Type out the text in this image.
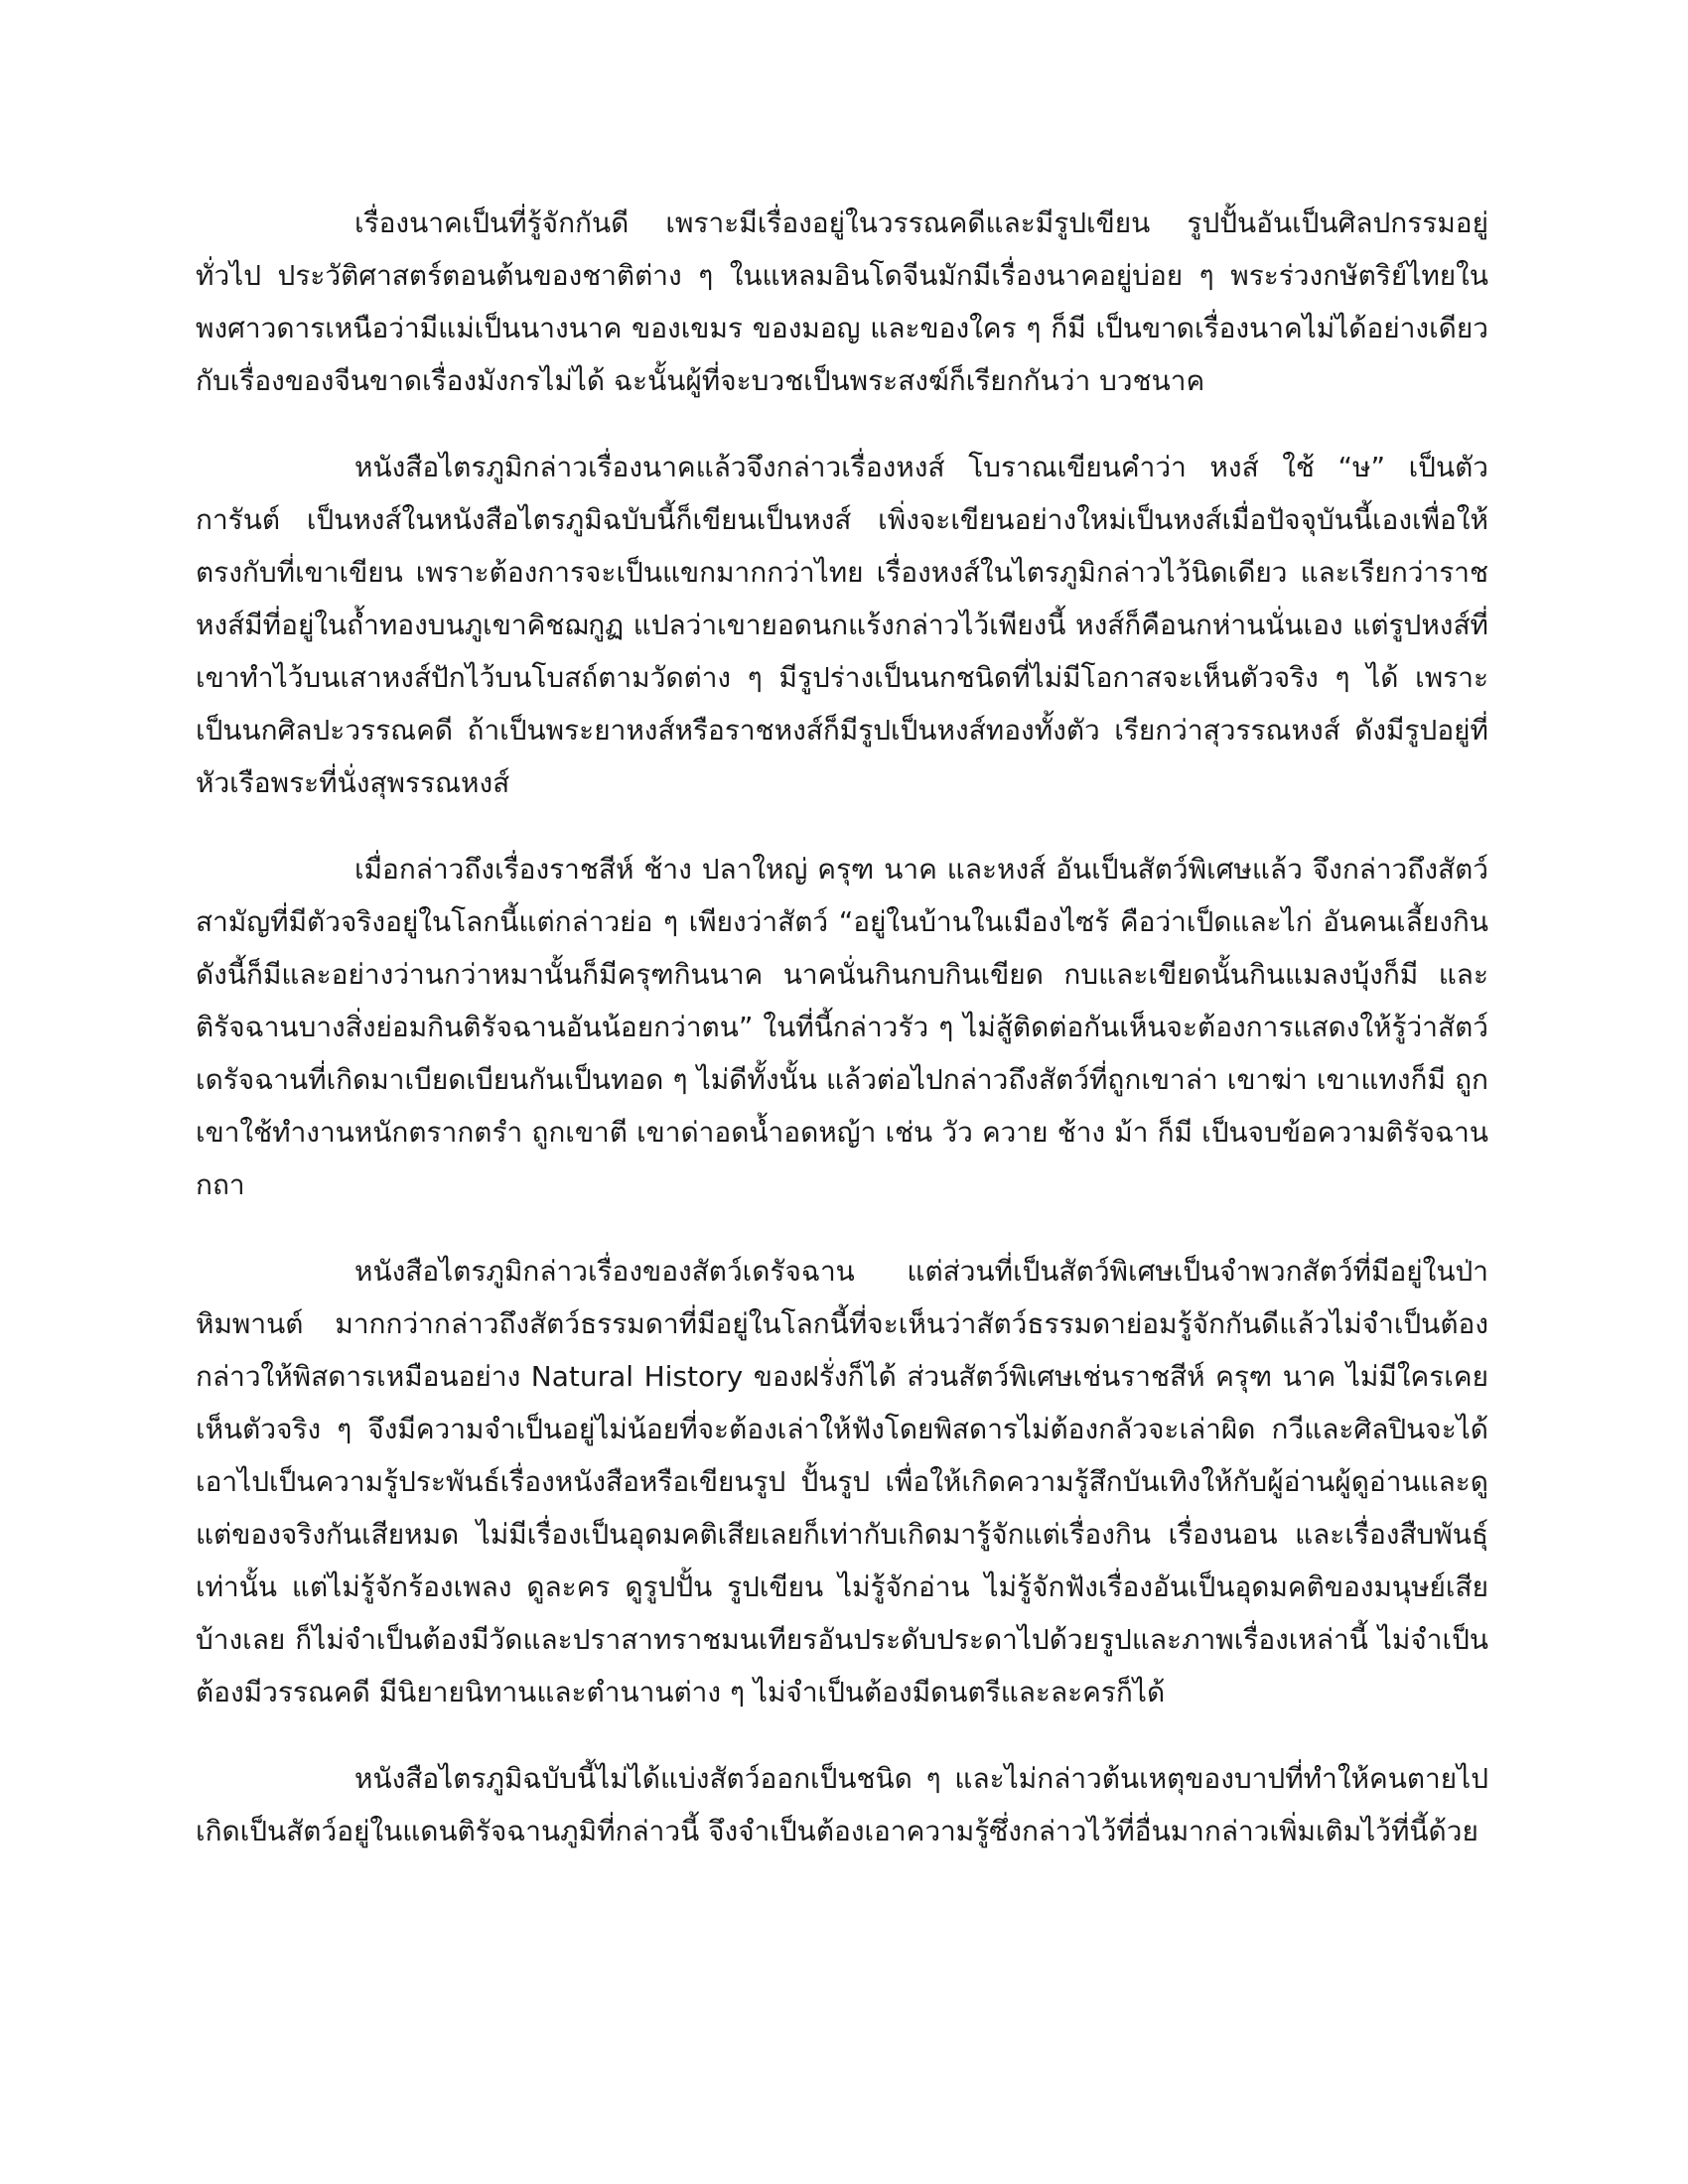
เรื่องนาคเป็นที่รู้จักกันดี เพราะมีเรื่องอยู่ในวรรณคดีและมีรูปเขียน รูปปั้นอันเป็นศิลปกรรมอยู่ทั่วไป ประวัติศาสตร์ตอนต้นของชาติต่าง ๆ ในแหลมอินโดจีนมักมีเรื่องนาคอยู่บ่อย ๆ พระร่วงกษัตริย์ไทยในพงศาวดารเหนือว่ามีแม่เป็นนางนาค ของเขมร ของมอญ และของใคร ๆ ก็มี เป็นขาดเรื่องนาคไม่ได้อย่างเดียวกับเรื่องของจีนขาดเรื่องมังกรไม่ได้ ฉะนั้นผู้ที่จะบวชเป็นพระสงฆ์ก็เรียกกันว่า บวชนาค

หนังสือไตรภูมิกล่าวเรื่องนาคแล้วจึงกล่าวเรื่องหงส์ โบราณเขียนคำว่า หงส์ ใช้ “ษ” เป็นตัวการันต์ เป็นหงส์ในหนังสือไตรภูมิฉบับนี้ก็เขียนเป็นหงส์ เพิ่งจะเขียนอย่างใหม่เป็นหงส์เมื่อปัจจุบันนี้เองเพื่อให้ตรงกับที่เขาเขียน เพราะต้องการจะเป็นแขกมากกว่าไทย เรื่องหงส์ในไตรภูมิกล่าวไว้นิดเดียว และเรียกว่าราชหงส์มีที่อยู่ในถ้ำทองบนภูเขาคิชฌกูฏ แปลว่าเขายอดนกแร้งกล่าวไว้เพียงนี้ หงส์ก็คือนกห่านนั่นเอง แต่รูปหงส์ที่เขาทำไว้บนเสาหงส์ปักไว้บนโบสถ์ตามวัดต่าง ๆ มีรูปร่างเป็นนกชนิดที่ไม่มีโอกาสจะเห็นตัวจริง ๆ ได้ เพราะเป็นนกศิลปะวรรณคดี ถ้าเป็นพระยาหงส์หรือราชหงส์ก็มีรูปเป็นหงส์ทองทั้งตัว เรียกว่าสุวรรณหงส์ ดังมีรูปอยู่ที่หัวเรือพระที่นั่งสุพรรณหงส์

เมื่อกล่าวถึงเรื่องราชสีห์ ช้าง ปลาใหญ่ ครุฑ นาค และหงส์ อันเป็นสัตว์พิเศษแล้ว จึงกล่าวถึงสัตว์สามัญที่มีตัวจริงอยู่ในโลกนี้แต่กล่าวย่อ ๆ เพียงว่าสัตว์ “อยู่ในบ้านในเมืองไซร้ คือว่าเป็ดและไก่ อันคนเลี้ยงกินดังนี้ก็มีและอย่างว่านกว่าหมานั้นก็มีครุฑกินนาค นาคนั่นกินกบกินเขียด กบและเขียดนั้นกินแมลงบุ้งก็มี และติรัจฉานบางสิ่งย่อมกินติรัจฉานอันน้อยกว่าตน” ในที่นี้กล่าวรัว ๆ ไม่สู้ติดต่อกันเห็นจะต้องการแสดงให้รู้ว่าสัตว์เดรัจฉานที่เกิดมาเบียดเบียนกันเป็นทอด ๆ ไม่ดีทั้งนั้น แล้วต่อไปกล่าวถึงสัตว์ที่ถูกเขาล่า เขาฆ่า เขาแทงก็มี ถูกเขาใช้ทำงานหนักตรากตรำ ถูกเขาตี เขาด่าอดน้ำอดหญ้า เช่น วัว ควาย ช้าง ม้า ก็มี เป็นจบข้อความติรัจฉานกถา

หนังสือไตรภูมิกล่าวเรื่องของสัตว์เดรัจฉาน แต่ส่วนที่เป็นสัตว์พิเศษเป็นจำพวกสัตว์ที่มีอยู่ในป่าหิมพานต์ มากกว่ากล่าวถึงสัตว์ธรรมดาที่มีอยู่ในโลกนี้ที่จะเห็นว่าสัตว์ธรรมดาย่อมรู้จักกันดีแล้วไม่จำเป็นต้องกล่าวให้พิสดารเหมือนอย่าง Natural History ของฝรั่งก็ได้ ส่วนสัตว์พิเศษเช่นราชสีห์ ครุฑ นาค ไม่มีใครเคยเห็นตัวจริง ๆ จึงมีความจำเป็นอยู่ไม่น้อยที่จะต้องเล่าให้ฟังโดยพิสดารไม่ต้องกลัวจะเล่าผิด กวีและศิลปินจะได้เอาไปเป็นความรู้ประพันธ์เรื่องหนังสือหรือเขียนรูป ปั้นรูป เพื่อให้เกิดความรู้สึกบันเทิงให้กับผู้อ่านผู้ดูอ่านและดูแต่ของจริงกันเสียหมด ไม่มีเรื่องเป็นอุดมคติเสียเลยก็เท่ากับเกิดมารู้จักแต่เรื่องกิน เรื่องนอน และเรื่องสืบพันธุ์เท่านั้น แต่ไม่รู้จักร้องเพลง ดูละคร ดูรูปปั้น รูปเขียน ไม่รู้จักอ่าน ไม่รู้จักฟังเรื่องอันเป็นอุดมคติของมนุษย์เสียบ้างเลย ก็ไม่จำเป็นต้องมีวัดและปราสาทราชมนเทียรอันประดับประดาไปด้วยรูปและภาพเรื่องเหล่านี้ ไม่จำเป็นต้องมีวรรณคดี มีนิยายนิทานและตำนานต่าง ๆ ไม่จำเป็นต้องมีดนตรีและละครก็ได้

หนังสือไตรภูมิฉบับนี้ไม่ได้แบ่งสัตว์ออกเป็นชนิด ๆ และไม่กล่าวต้นเหตุของบาปที่ทำให้คนตายไปเกิดเป็นสัตว์อยู่ในแดนติรัจฉานภูมิที่กล่าวนี้ จึงจำเป็นต้องเอาความรู้ซึ่งกล่าวไว้ที่อื่นมากล่าวเพิ่มเติมไว้ที่นี้ด้วย
